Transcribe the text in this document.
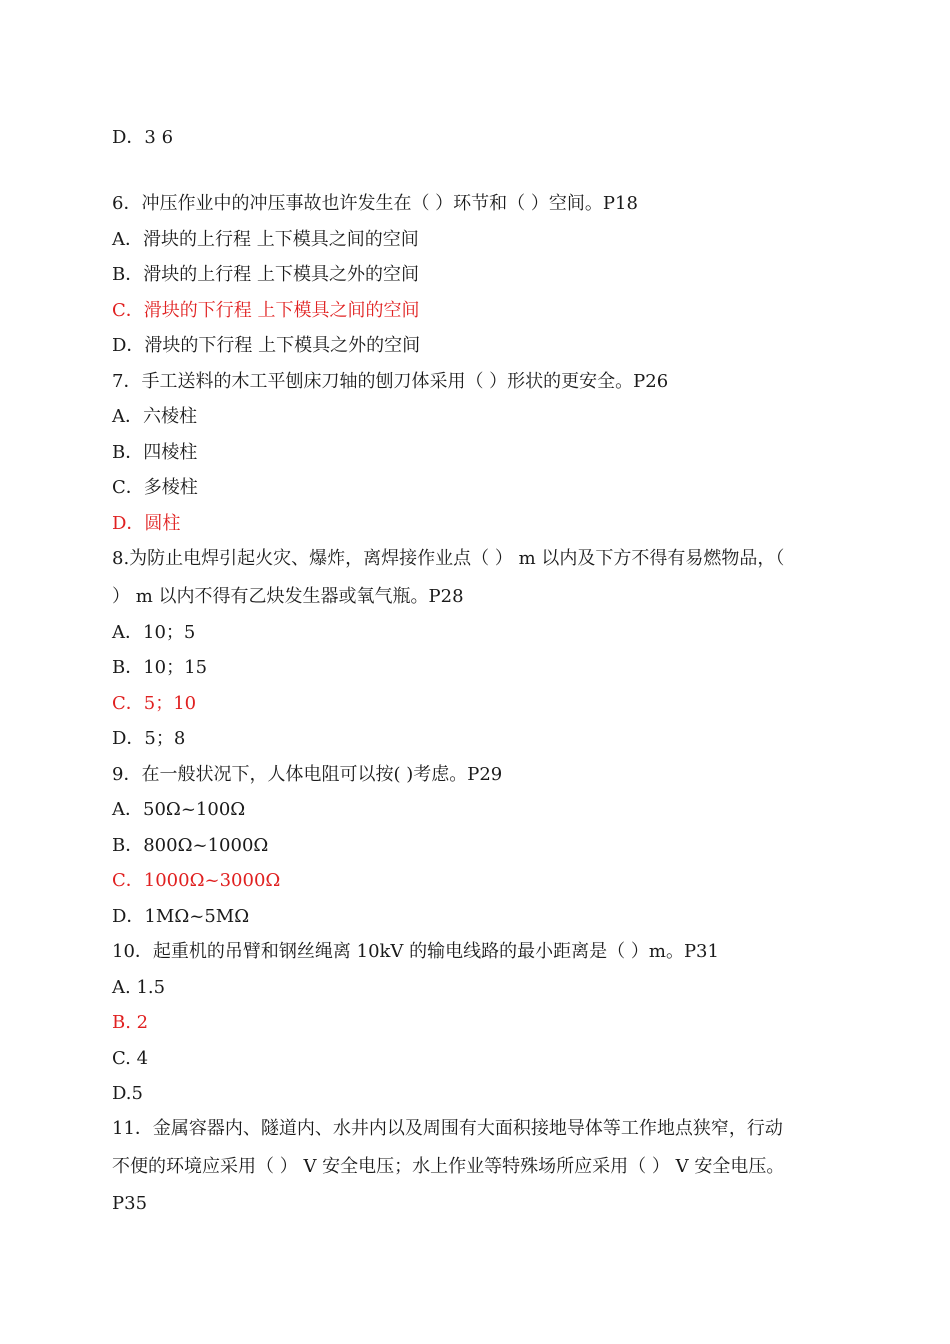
D．3 6
6．冲压作业中的冲压事故也许发生在（ ）环节和（ ）空间。P18
A．滑块的上行程 上下模具之间的空间
B．滑块的上行程 上下模具之外的空间
C．滑块的下行程 上下模具之间的空间
D．滑块的下行程 上下模具之外的空间
7．手工送料的木工平刨床刀轴的刨刀体采用（ ）形状的更安全。P26
A．六棱柱
B．四棱柱
C．多棱柱
D．圆柱
8.为防止电焊引起火灾、爆炸，离焊接作业点（ ） m 以内及下方不得有易燃物品，（
） m 以内不得有乙炔发生器或氧气瓶。P28
A．10；5
B．10；15
C．5；10
D．5；8
9．在一般状况下，人体电阻可以按( )考虑。P29
A．50Ω~100Ω
B．800Ω~1000Ω
C．1000Ω~3000Ω
D．1MΩ~5MΩ
10．起重机的吊臂和钢丝绳离 10kV 的输电线路的最小距离是（ ）m。P31
A. 1.5
B. 2
C. 4
D.5
11．金属容器内、隧道内、水井内以及周围有大面积接地导体等工作地点狭窄，行动
不便的环境应采用（ ） V 安全电压；水上作业等特殊场所应采用（ ） V 安全电压。
P35
